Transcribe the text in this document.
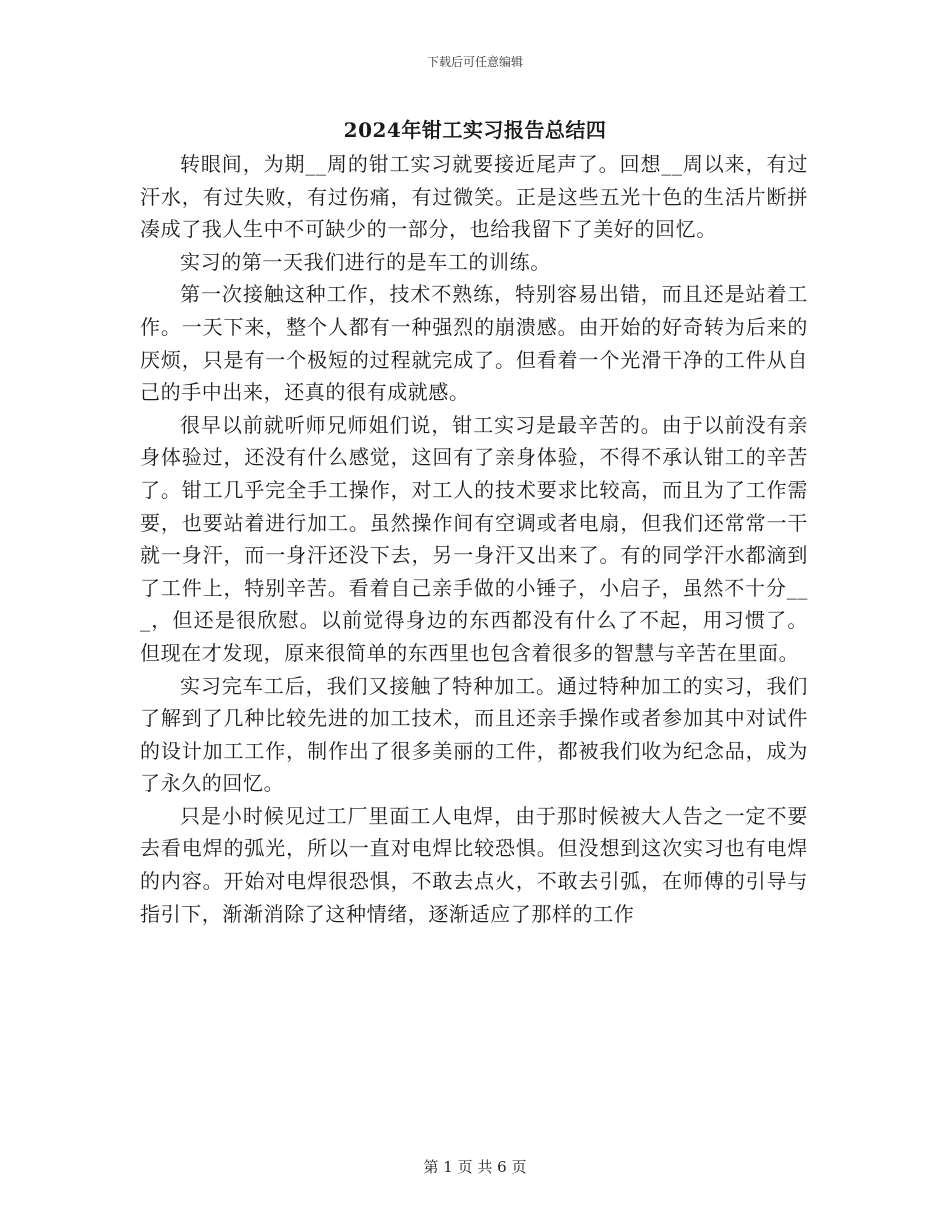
下载后可任意编辑
2024年钳工实习报告总结四

转眼间，为期__周的钳工实习就要接近尾声了。回想__周以来，有过汗水，有过失败，有过伤痛，有过微笑。正是这些五光十色的生活片断拼凑成了我人生中不可缺少的一部分，也给我留下了美好的回忆。

实习的第一天我们进行的是车工的训练。

第一次接触这种工作，技术不熟练，特别容易出错，而且还是站着工作。一天下来，整个人都有一种强烈的崩溃感。由开始的好奇转为后来的厌烦，只是有一个极短的过程就完成了。但看着一个光滑干净的工件从自己的手中出来，还真的很有成就感。

很早以前就听师兄师姐们说，钳工实习是最辛苦的。由于以前没有亲身体验过，还没有什么感觉，这回有了亲身体验，不得不承认钳工的辛苦了。钳工几乎完全手工操作，对工人的技术要求比较高，而且为了工作需要，也要站着进行加工。虽然操作间有空调或者电扇，但我们还常常一干就一身汗，而一身汗还没下去，另一身汗又出来了。有的同学汗水都滴到了工件上，特别辛苦。看着自己亲手做的小锤子，小启子，虽然不十分___，但还是很欣慰。以前觉得身边的东西都没有什么了不起，用习惯了。但现在才发现，原来很简单的东西里也包含着很多的智慧与辛苦在里面。

实习完车工后，我们又接触了特种加工。通过特种加工的实习，我们了解到了几种比较先进的加工技术，而且还亲手操作或者参加其中对试件的设计加工工作，制作出了很多美丽的工件，都被我们收为纪念品，成为了永久的回忆。

只是小时候见过工厂里面工人电焊，由于那时候被大人告之一定不要去看电焊的弧光，所以一直对电焊比较恐惧。但没想到这次实习也有电焊的内容。开始对电焊很恐惧，不敢去点火，不敢去引弧，在师傅的引导与指引下，渐渐消除了这种情绪，逐渐适应了那样的工作

第 1 页 共 6 页
